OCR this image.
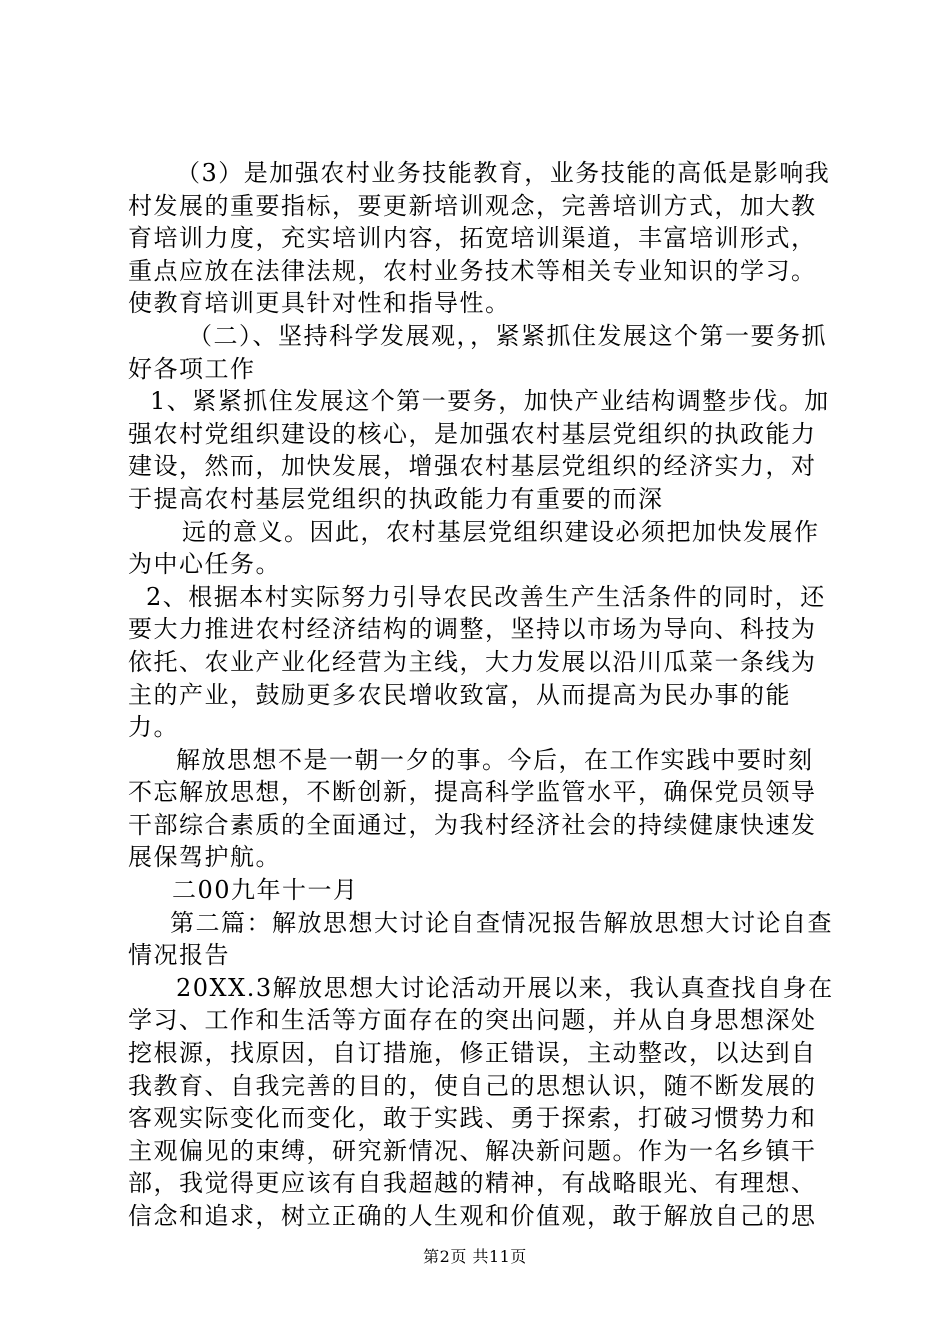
（3）是加强农村业务技能教育，业务技能的高低是影响我村发展的重要指标，要更新培训观念，完善培训方式，加大教育培训力度，充实培训内容，拓宽培训渠道，丰富培训形式，重点应放在法律法规，农村业务技术等相关专业知识的学习。使教育培训更具针对性和指导性。

（二）、坚持科学发展观，，紧紧抓住发展这个第一要务抓好各项工作

1、紧紧抓住发展这个第一要务，加快产业结构调整步伐。加强农村党组织建设的核心，是加强农村基层党组织的执政能力建设，然而，加快发展，增强农村基层党组织的经济实力，对于提高农村基层党组织的执政能力有重要的而深

远的意义。因此，农村基层党组织建设必须把加快发展作为中心任务。

2、根据本村实际努力引导农民改善生产生活条件的同时，还要大力推进农村经济结构的调整，坚持以市场为导向、科技为依托、农业产业化经营为主线，大力发展以沿川瓜菜一条线为主的产业，鼓励更多农民增收致富，从而提高为民办事的能力。

解放思想不是一朝一夕的事。今后，在工作实践中要时刻不忘解放思想，不断创新，提高科学监管水平，确保党员领导干部综合素质的全面通过，为我村经济社会的持续健康快速发展保驾护航。

二00九年十一月

第二篇：解放思想大讨论自查情况报告解放思想大讨论自查情况报告

20XX.3解放思想大讨论活动开展以来，我认真查找自身在学习、工作和生活等方面存在的突出问题，并从自身思想深处挖根源，找原因，自订措施，修正错误，主动整改，以达到自我教育、自我完善的目的，使自己的思想认识，随不断发展的客观实际变化而变化，敢于实践、勇于探索，打破习惯势力和主观偏见的束缚，研究新情况、解决新问题。作为一名乡镇干部，我觉得更应该有自我超越的精神，有战略眼光、有理想、信念和追求，树立正确的人生观和价值观，敢于解放自己的思

第2页 共11页
